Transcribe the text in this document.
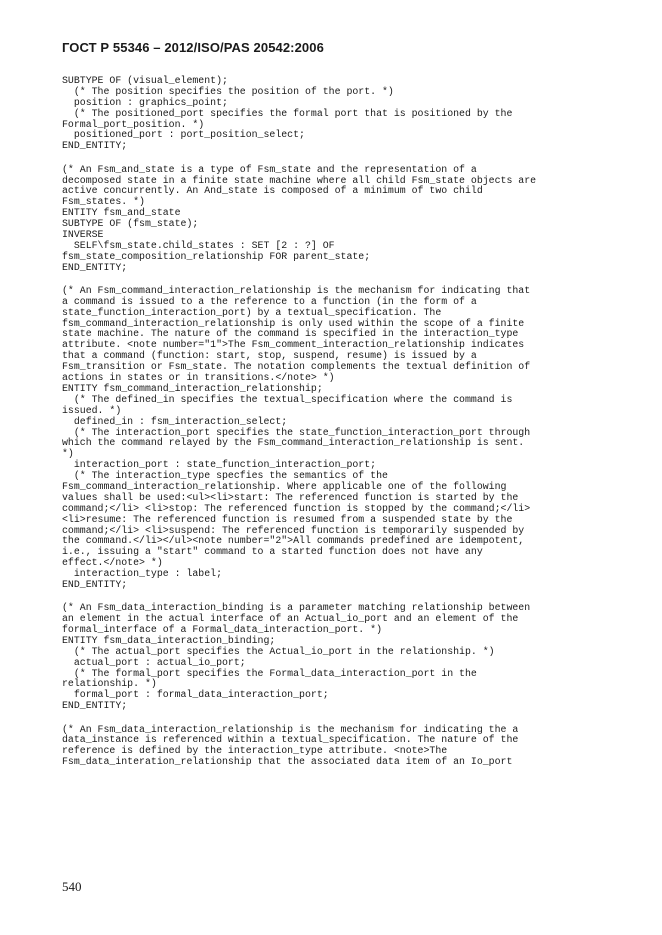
ГОСТ Р 55346 – 2012/ISO/PAS 20542:2006
SUBTYPE OF (visual_element);
(* The position specifies the position of the port. *)
position : graphics_point;
(* The positioned_port specifies the formal port that is positioned by the
Formal_port_position. *)
positioned_port : port_position_select;
END_ENTITY;
(* An Fsm_and_state is a type of Fsm_state and the representation of a
decomposed state in a finite state machine where all child Fsm_state objects are
active concurrently. An And_state is composed of a minimum of two child
Fsm_states. *)
ENTITY fsm_and_state
SUBTYPE OF (fsm_state);
INVERSE
SELF\fsm_state.child_states : SET [2 : ?] OF
fsm_state_composition_relationship FOR parent_state;
END_ENTITY;
(* An Fsm_command_interaction_relationship is the mechanism for indicating that
a command is issued to a the reference to a function (in the form of a
state_function_interaction_port) by a textual_specification. The
fsm_command_interaction_relationship is only used within the scope of a finite
state machine. The nature of the command is specified in the interaction_type
attribute. <note number="1">The Fsm_comment_interaction_relationship indicates
that a command (function: start, stop, suspend, resume) is issued by a
Fsm_transition or Fsm_state. The notation complements the textual definition of
actions in states or in transitions.</note> *)
ENTITY fsm_command_interaction_relationship;
(* The defined_in specifies the textual_specification where the command is
issued. *)
defined_in : fsm_interaction_select;
(* The interaction_port specifies the state_function_interaction_port through
which the command relayed by the Fsm_command_interaction_relationship is sent.
*)
interaction_port : state_function_interaction_port;
(* The interaction_type specfies the semantics of the
Fsm_command_interaction_relationship. Where applicable one of the following
values shall be used:<ul><li>start: The referenced function is started by the
command;</li> <li>stop: The referenced function is stopped by the command;</li>
<li>resume: The referenced function is resumed from a suspended state by the
command;</li> <li>suspend: The referenced function is temporarily suspended by
the command.</li></ul><note number="2">All commands predefined are idempotent,
i.e., issuing a "start" command to a started function does not have any
effect.</note> *)
interaction_type : label;
END_ENTITY;
(* An Fsm_data_interaction_binding is a parameter matching relationship between
an element in the actual interface of an Actual_io_port and an element of the
formal_interface of a Formal_data_interaction_port. *)
ENTITY fsm_data_interaction_binding;
(* The actual_port specifies the Actual_io_port in the relationship. *)
actual_port : actual_io_port;
(* The formal_port specifies the Formal_data_interaction_port in the
relationship. *)
formal_port : formal_data_interaction_port;
END_ENTITY;
(* An Fsm_data_interaction_relationship is the mechanism for indicating the a
data_instance is referenced within a textual_specification. The nature of the
reference is defined by the interaction_type attribute. <note>The
Fsm_data_interation_relationship that the associated data item of an Io_port

540
